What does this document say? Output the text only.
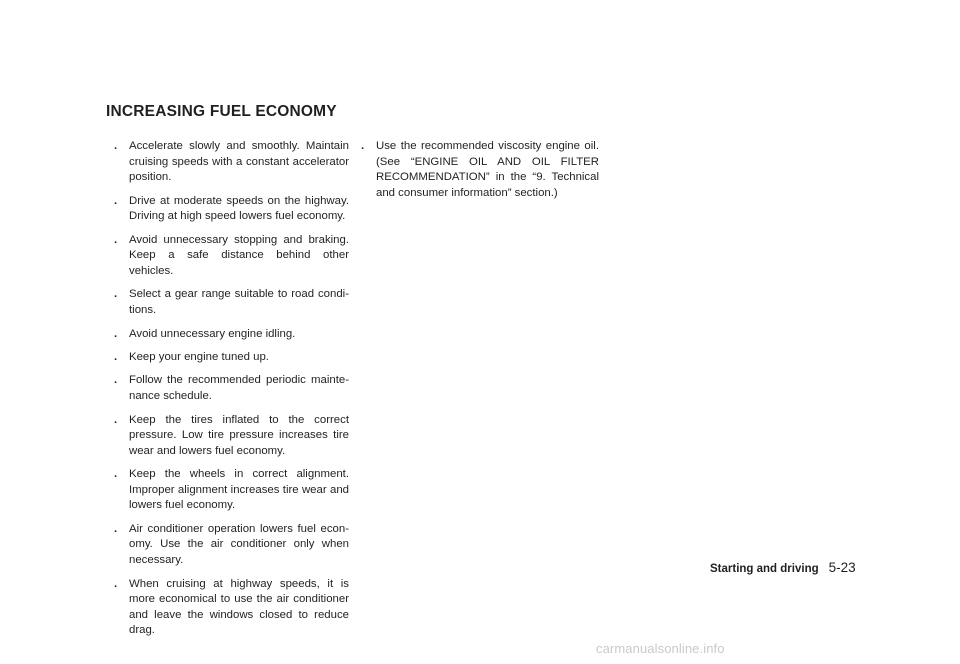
INCREASING FUEL ECONOMY
. Accelerate slowly and smoothly. Maintain cruising speeds with a constant accelerator position.
. Drive at moderate speeds on the highway. Driving at high speed lowers fuel economy.
. Avoid unnecessary stopping and braking. Keep a safe distance behind other vehicles.
. Select a gear range suitable to road condi-tions.
. Avoid unnecessary engine idling.
. Keep your engine tuned up.
. Follow the recommended periodic mainte-nance schedule.
. Keep the tires inflated to the correct pressure. Low tire pressure increases tire wear and lowers fuel economy.
. Keep the wheels in correct alignment. Improper alignment increases tire wear and lowers fuel economy.
. Air conditioner operation lowers fuel econ-omy. Use the air conditioner only when necessary.
. When cruising at highway speeds, it is more economical to use the air conditioner and leave the windows closed to reduce drag.
. Use the recommended viscosity engine oil. (See “ENGINE OIL AND OIL FILTER RECOMMENDATION” in the “9. Technical and consumer information” section.)
Starting and driving 5-23
carmanualsonline.info
